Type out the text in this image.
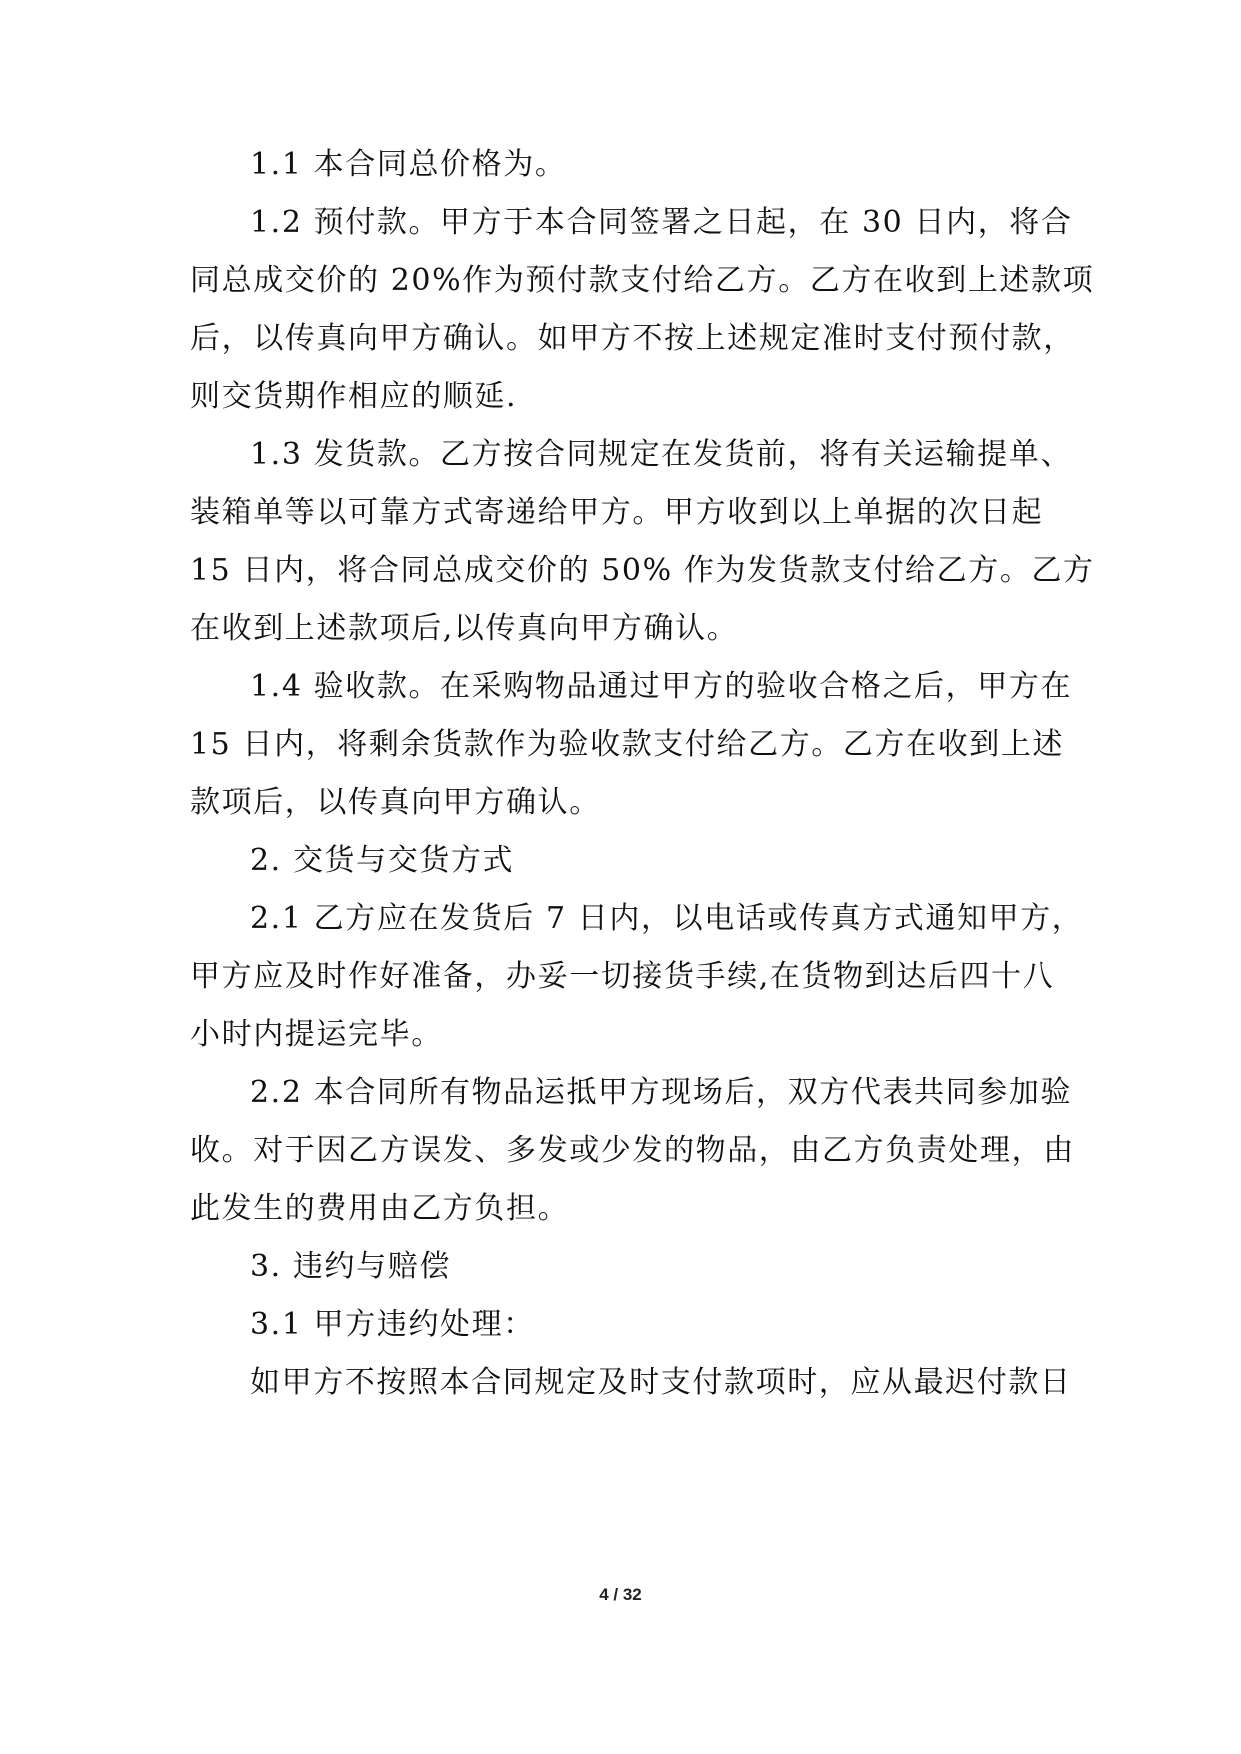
1.1 本合同总价格为。
1.2 预付款。甲方于本合同签署之日起，在 30 日内，将合
同总成交价的 20%作为预付款支付给乙方。乙方在收到上述款项
后，以传真向甲方确认。如甲方不按上述规定准时支付预付款，
则交货期作相应的顺延.
1.3 发货款。乙方按合同规定在发货前，将有关运输提单、
装箱单等以可靠方式寄递给甲方。甲方收到以上单据的次日起
15 日内，将合同总成交价的 50% 作为发货款支付给乙方。乙方
在收到上述款项后,以传真向甲方确认。
1.4 验收款。在采购物品通过甲方的验收合格之后，甲方在
15 日内，将剩余货款作为验收款支付给乙方。乙方在收到上述
款项后，以传真向甲方确认。
2. 交货与交货方式
2.1 乙方应在发货后 7 日内，以电话或传真方式通知甲方，
甲方应及时作好准备，办妥一切接货手续,在货物到达后四十八
小时内提运完毕。
2.2 本合同所有物品运抵甲方现场后，双方代表共同参加验
收。对于因乙方误发、多发或少发的物品，由乙方负责处理，由
此发生的费用由乙方负担。
3. 违约与赔偿
3.1 甲方违约处理：
如甲方不按照本合同规定及时支付款项时，应从最迟付款日
4 / 32
